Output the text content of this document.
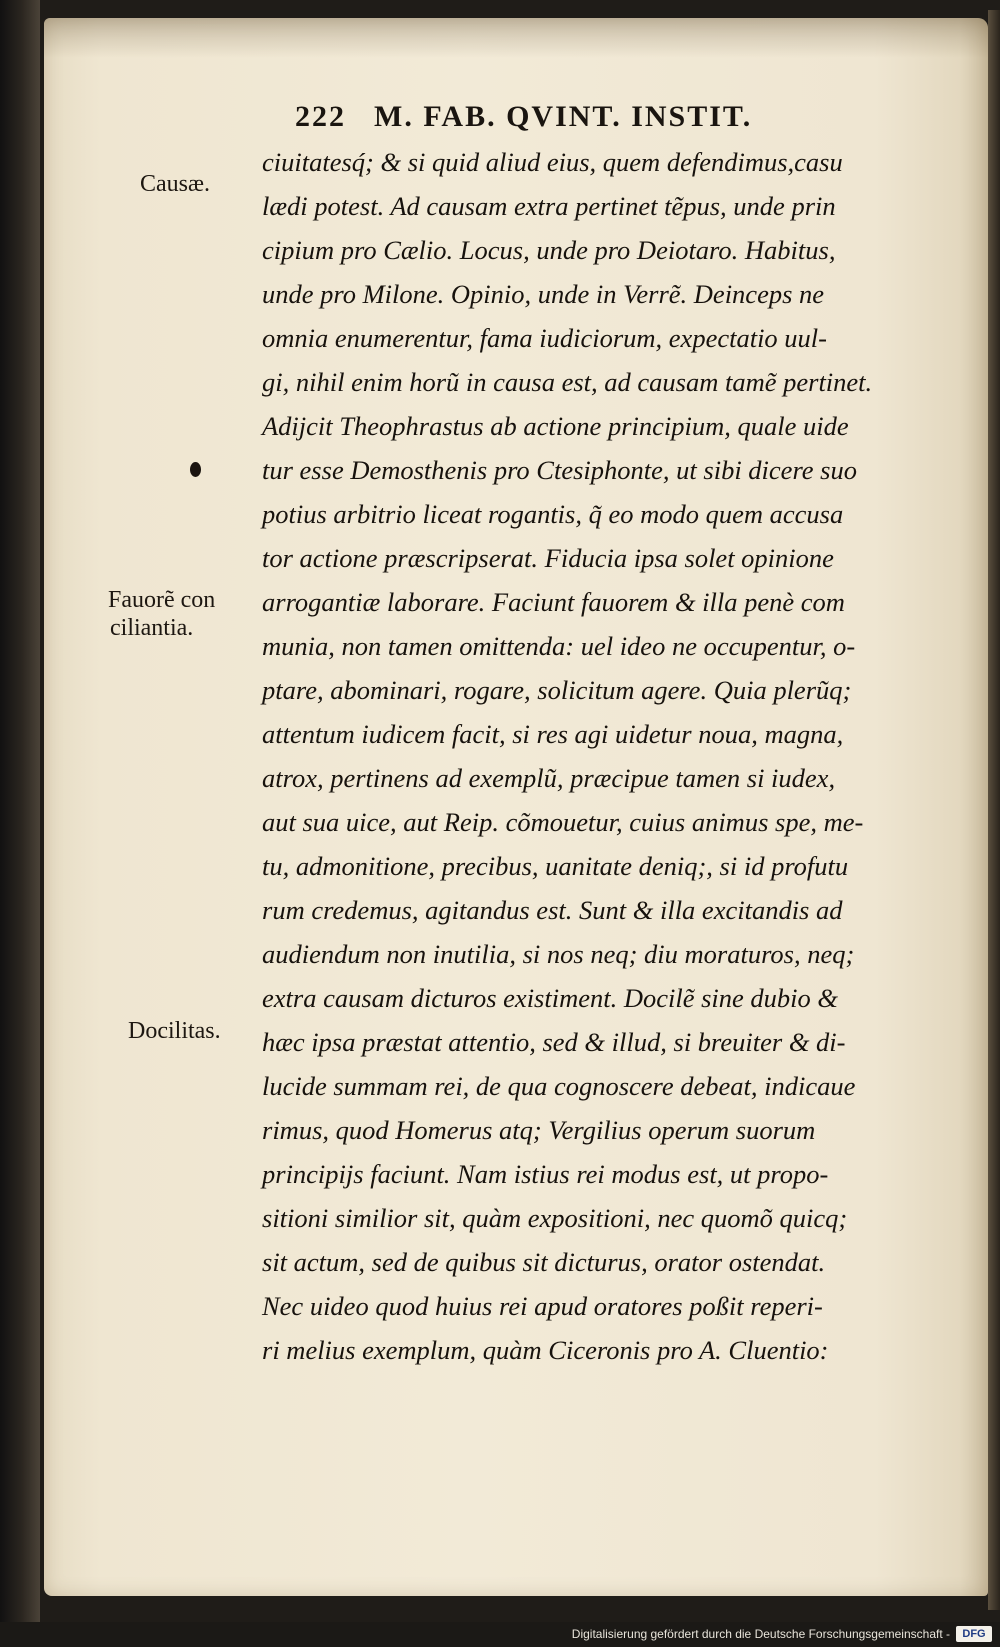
222 M. FAB. QVINT. INSTIT.

Causæ.

Fauorẽ con

ciliantia.

Docilitas.

ciuitatesq́; & si quid aliud eius, quem defendimus,casu
lædi potest. Ad causam extra pertinet tẽpus, unde prin
cipium pro Cælio. Locus, unde pro Deiotaro. Habitus,
unde pro Milone. Opinio, unde in Verrẽ. Deinceps ne
omnia enumerentur, fama iudiciorum, expectatio uul-
gi, nihil enim horũ in causa est, ad causam tamẽ pertinet.
Adijcit Theophrastus ab actione principium, quale uide
tur esse Demosthenis pro Ctesiphonte, ut sibi dicere suo
potius arbitrio liceat rogantis, q̃ eo modo quem accusa
tor actione præscripserat. Fiducia ipsa solet opinione
arrogantiæ laborare. Faciunt fauorem & illa penè com
munia, non tamen omittenda: uel ideo ne occupentur, o-
ptare, abominari, rogare, solicitum agere. Quia plerũq;
attentum iudicem facit, si res agi uidetur noua, magna,
atrox, pertinens ad exemplũ, præcipue tamen si iudex,
aut sua uice, aut Reip. cõmouetur, cuius animus spe, me-
tu, admonitione, precibus, uanitate deniq;, si id profutu
rum credemus, agitandus est. Sunt & illa excitandis ad
audiendum non inutilia, si nos neq; diu moraturos, neq;
extra causam dicturos existiment. Docilẽ sine dubio &
hæc ipsa præstat attentio, sed & illud, si breuiter & di-
lucide summam rei, de qua cognoscere debeat, indicaue
rimus, quod Homerus atq; Vergilius operum suorum
principijs faciunt. Nam istius rei modus est, ut propo-
sitioni similior sit, quàm expositioni, nec quomõ quicq;
sit actum, sed de quibus sit dicturus, orator ostendat.
Nec uideo quod huius rei apud oratores poßit reperi-
ri melius exemplum, quàm Ciceronis pro A. Cluentio:

Digitalisierung gefördert durch die Deutsche Forschungsgemeinschaft -	DFG
